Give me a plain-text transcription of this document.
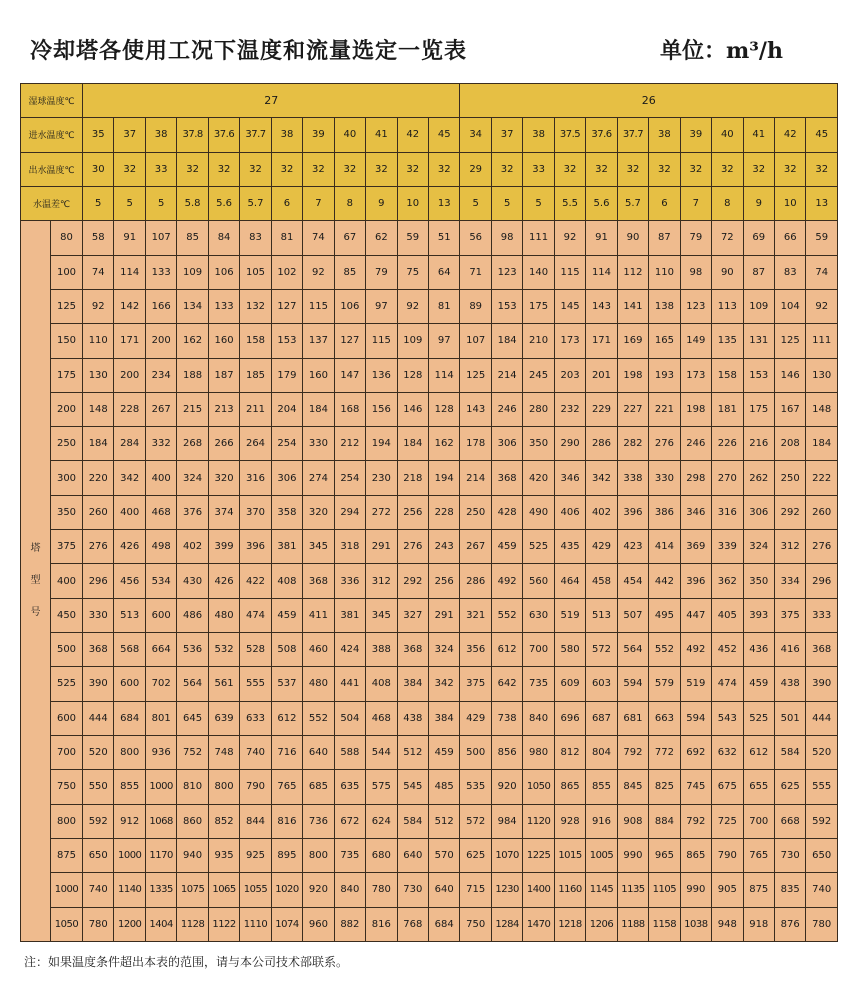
冷却塔各使用工况下温度和流量选定一览表	单位：m³/h
湿球温度℃		27												26											
进水温度℃		35	37	38	37.8	37.6	37.7	38	39	40	41	42	45	34	37	38	37.5	37.6	37.7	38	39	40	41	42	45
出水温度℃		30	32	33	32	32	32	32	32	32	32	32	32	29	32	33	32	32	32	32	32	32	32	32	32
水温差℃		5	5	5	5.8	5.6	5.7	6	7	8	9	10	13	5	5	5	5.5	5.6	5.7	6	7	8	9	10	13

塔
型
号	80	58	91	107	85	84	83	81	74	67	62	59	51	56	98	111	92	91	90	87	79	72	69	66	59
	100	74	114	133	109	106	105	102	92	85	79	75	64	71	123	140	115	114	112	110	98	90	87	83	74
	125	92	142	166	134	133	132	127	115	106	97	92	81	89	153	175	145	143	141	138	123	113	109	104	92
	150	110	171	200	162	160	158	153	137	127	115	109	97	107	184	210	173	171	169	165	149	135	131	125	111
	175	130	200	234	188	187	185	179	160	147	136	128	114	125	214	245	203	201	198	193	173	158	153	146	130
	200	148	228	267	215	213	211	204	184	168	156	146	128	143	246	280	232	229	227	221	198	181	175	167	148
	250	184	284	332	268	266	264	254	330	212	194	184	162	178	306	350	290	286	282	276	246	226	216	208	184
	300	220	342	400	324	320	316	306	274	254	230	218	194	214	368	420	346	342	338	330	298	270	262	250	222
	350	260	400	468	376	374	370	358	320	294	272	256	228	250	428	490	406	402	396	386	346	316	306	292	260
	375	276	426	498	402	399	396	381	345	318	291	276	243	267	459	525	435	429	423	414	369	339	324	312	276
	400	296	456	534	430	426	422	408	368	336	312	292	256	286	492	560	464	458	454	442	396	362	350	334	296
	450	330	513	600	486	480	474	459	411	381	345	327	291	321	552	630	519	513	507	495	447	405	393	375	333
	500	368	568	664	536	532	528	508	460	424	388	368	324	356	612	700	580	572	564	552	492	452	436	416	368
	525	390	600	702	564	561	555	537	480	441	408	384	342	375	642	735	609	603	594	579	519	474	459	438	390
	600	444	684	801	645	639	633	612	552	504	468	438	384	429	738	840	696	687	681	663	594	543	525	501	444
	700	520	800	936	752	748	740	716	640	588	544	512	459	500	856	980	812	804	792	772	692	632	612	584	520
	750	550	855	1000	810	800	790	765	685	635	575	545	485	535	920	1050	865	855	845	825	745	675	655	625	555
	800	592	912	1068	860	852	844	816	736	672	624	584	512	572	984	1120	928	916	908	884	792	725	700	668	592
	875	650	1000	1170	940	935	925	895	800	735	680	640	570	625	1070	1225	1015	1005	990	965	865	790	765	730	650
	1000	740	1140	1335	1075	1065	1055	1020	920	840	780	730	640	715	1230	1400	1160	1145	1135	1105	990	905	875	835	740
	1050	780	1200	1404	1128	1122	1110	1074	960	882	816	768	684	750	1284	1470	1218	1206	1188	1158	1038	948	918	876	780
注：如果温度条件超出本表的范围，请与本公司技术部联系。
